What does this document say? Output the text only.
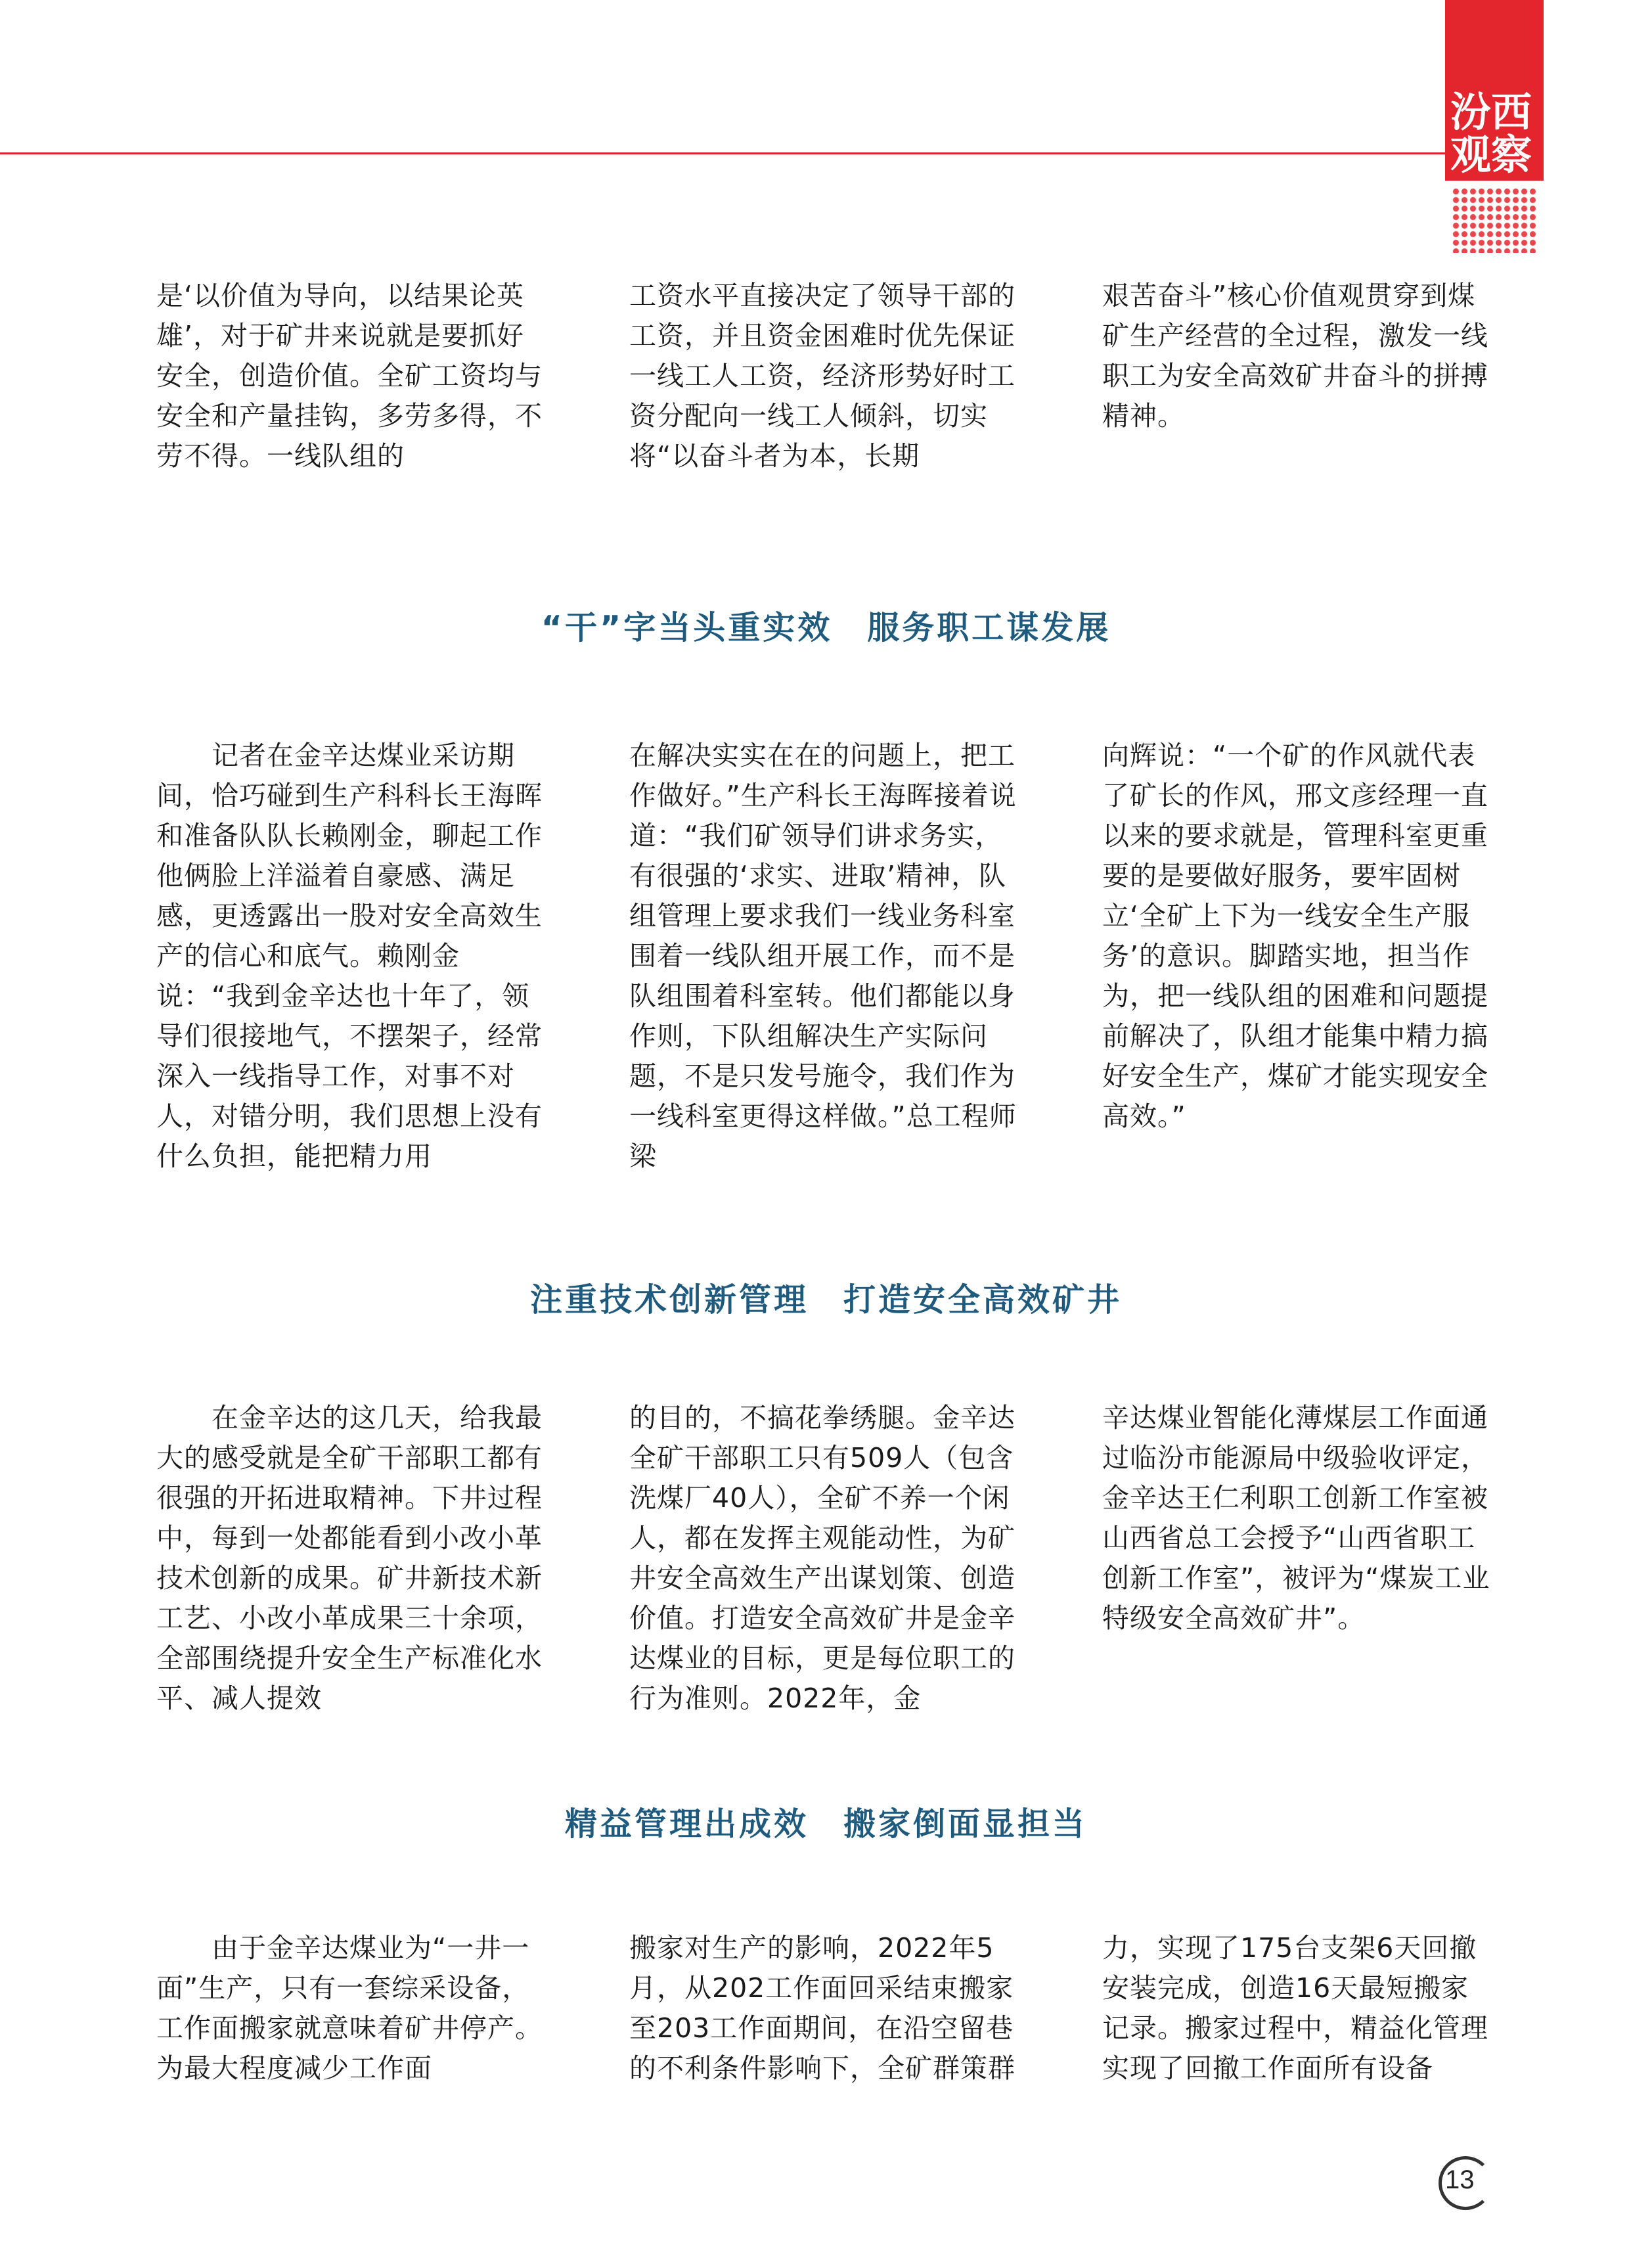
汾西
观察

是‘以价值为导向，以结果论英雄’，对于矿井来说就是要抓好安全，创造价值。全矿工资均与安全和产量挂钩，多劳多得，不劳不得。一线队组的

工资水平直接决定了领导干部的工资，并且资金困难时优先保证一线工人工资，经济形势好时工资分配向一线工人倾斜，切实将“以奋斗者为本，长期

艰苦奋斗”核心价值观贯穿到煤矿生产经营的全过程，激发一线职工为安全高效矿井奋斗的拼搏精神。

“干”字当头重实效　服务职工谋发展

　　记者在金辛达煤业采访期间，恰巧碰到生产科科长王海晖和准备队队长赖刚金，聊起工作他俩脸上洋溢着自豪感、满足感，更透露出一股对安全高效生产的信心和底气。赖刚金说：“我到金辛达也十年了，领导们很接地气，不摆架子，经常深入一线指导工作，对事不对人，对错分明，我们思想上没有什么负担，能把精力用

在解决实实在在的问题上，把工作做好。”生产科长王海晖接着说道：“我们矿领导们讲求务实，有很强的‘求实、进取’精神，队组管理上要求我们一线业务科室围着一线队组开展工作，而不是队组围着科室转。他们都能以身作则，下队组解决生产实际问题，不是只发号施令，我们作为一线科室更得这样做。”总工程师梁

向辉说：“一个矿的作风就代表了矿长的作风，邢文彦经理一直以来的要求就是，管理科室更重要的是要做好服务，要牢固树立‘全矿上下为一线安全生产服务’的意识。脚踏实地，担当作为，把一线队组的困难和问题提前解决了，队组才能集中精力搞好安全生产，煤矿才能实现安全高效。”

注重技术创新管理　打造安全高效矿井

　　在金辛达的这几天，给我最大的感受就是全矿干部职工都有很强的开拓进取精神。下井过程中，每到一处都能看到小改小革技术创新的成果。矿井新技术新工艺、小改小革成果三十余项，全部围绕提升安全生产标准化水平、减人提效

的目的，不搞花拳绣腿。金辛达全矿干部职工只有509人（包含洗煤厂40人），全矿不养一个闲人，都在发挥主观能动性，为矿井安全高效生产出谋划策、创造价值。打造安全高效矿井是金辛达煤业的目标，更是每位职工的行为准则。2022年，金

辛达煤业智能化薄煤层工作面通过临汾市能源局中级验收评定，金辛达王仁利职工创新工作室被山西省总工会授予“山西省职工创新工作室”，被评为“煤炭工业特级安全高效矿井”。

精益管理出成效　搬家倒面显担当

　　由于金辛达煤业为“一井一面”生产，只有一套综采设备，工作面搬家就意味着矿井停产。为最大程度减少工作面

搬家对生产的影响，2022年5月，从202工作面回采结束搬家至203工作面期间，在沿空留巷的不利条件影响下，全矿群策群

力，实现了175台支架6天回撤安装完成，创造16天最短搬家记录。搬家过程中，精益化管理实现了回撤工作面所有设备

13
